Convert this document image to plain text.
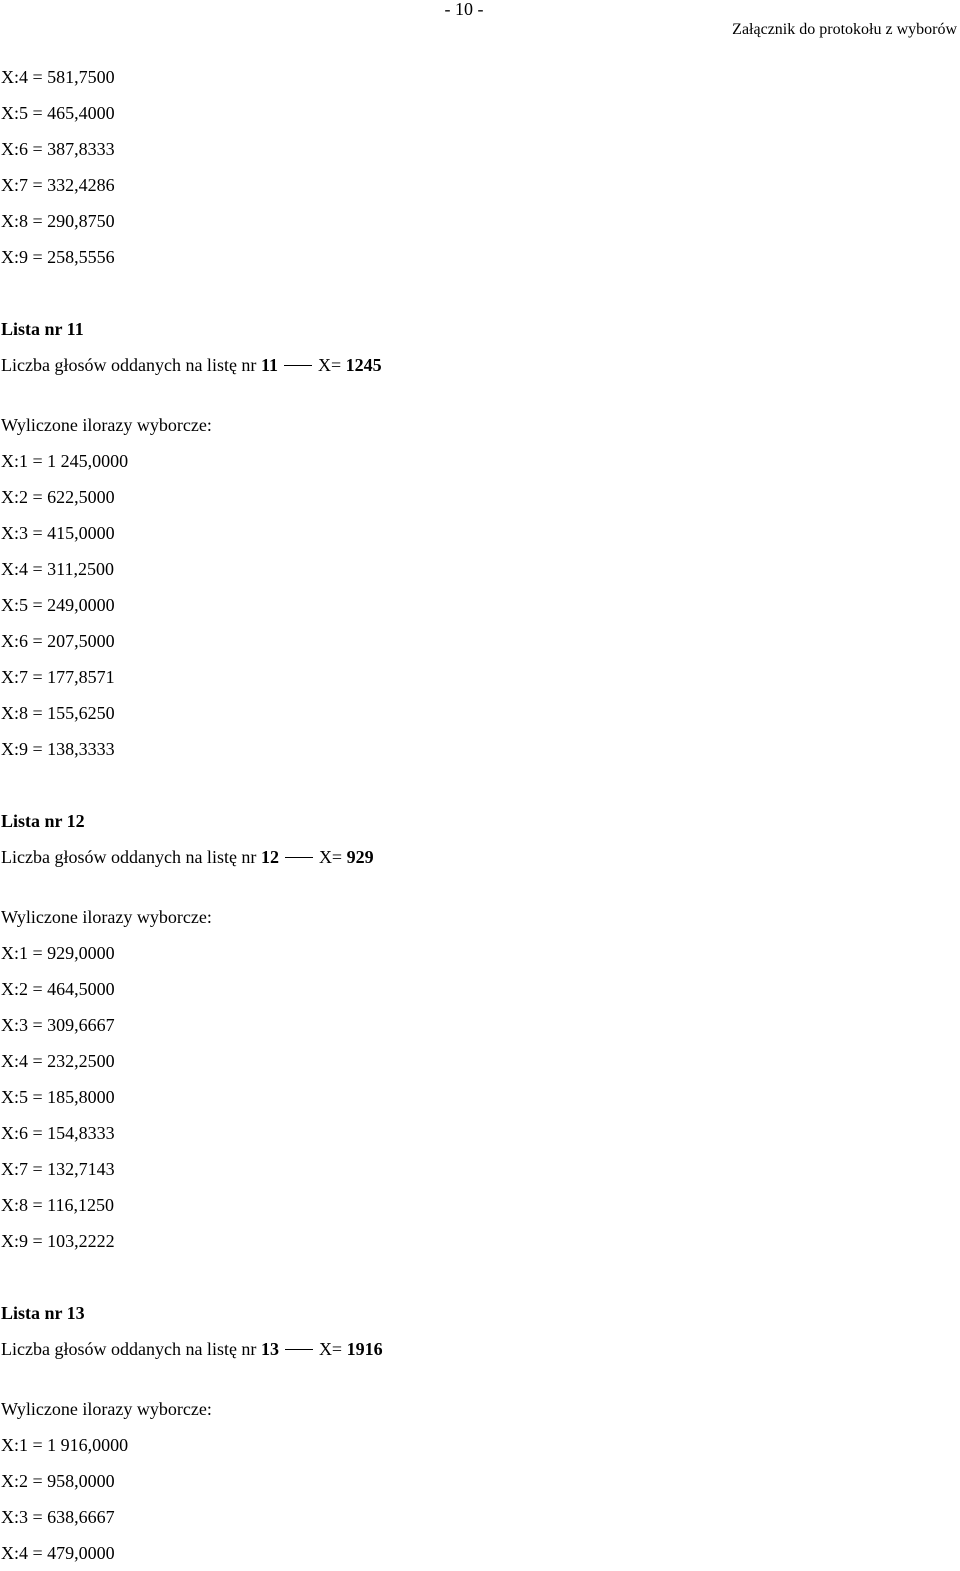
- 10 -
Załącznik do protokołu z wyborów
X:4 = 581,7500
X:5 = 465,4000
X:6 = 387,8333
X:7 = 332,4286
X:8 = 290,8750
X:9 = 258,5556
Lista nr 11
Liczba głosów oddanych na listę nr 11 X= 1245
Wyliczone ilorazy wyborcze:
X:1 = 1 245,0000
X:2 = 622,5000
X:3 = 415,0000
X:4 = 311,2500
X:5 = 249,0000
X:6 = 207,5000
X:7 = 177,8571
X:8 = 155,6250
X:9 = 138,3333
Lista nr 12
Liczba głosów oddanych na listę nr 12 X= 929
Wyliczone ilorazy wyborcze:
X:1 = 929,0000
X:2 = 464,5000
X:3 = 309,6667
X:4 = 232,2500
X:5 = 185,8000
X:6 = 154,8333
X:7 = 132,7143
X:8 = 116,1250
X:9 = 103,2222
Lista nr 13
Liczba głosów oddanych na listę nr 13 X= 1916
Wyliczone ilorazy wyborcze:
X:1 = 1 916,0000
X:2 = 958,0000
X:3 = 638,6667
X:4 = 479,0000
